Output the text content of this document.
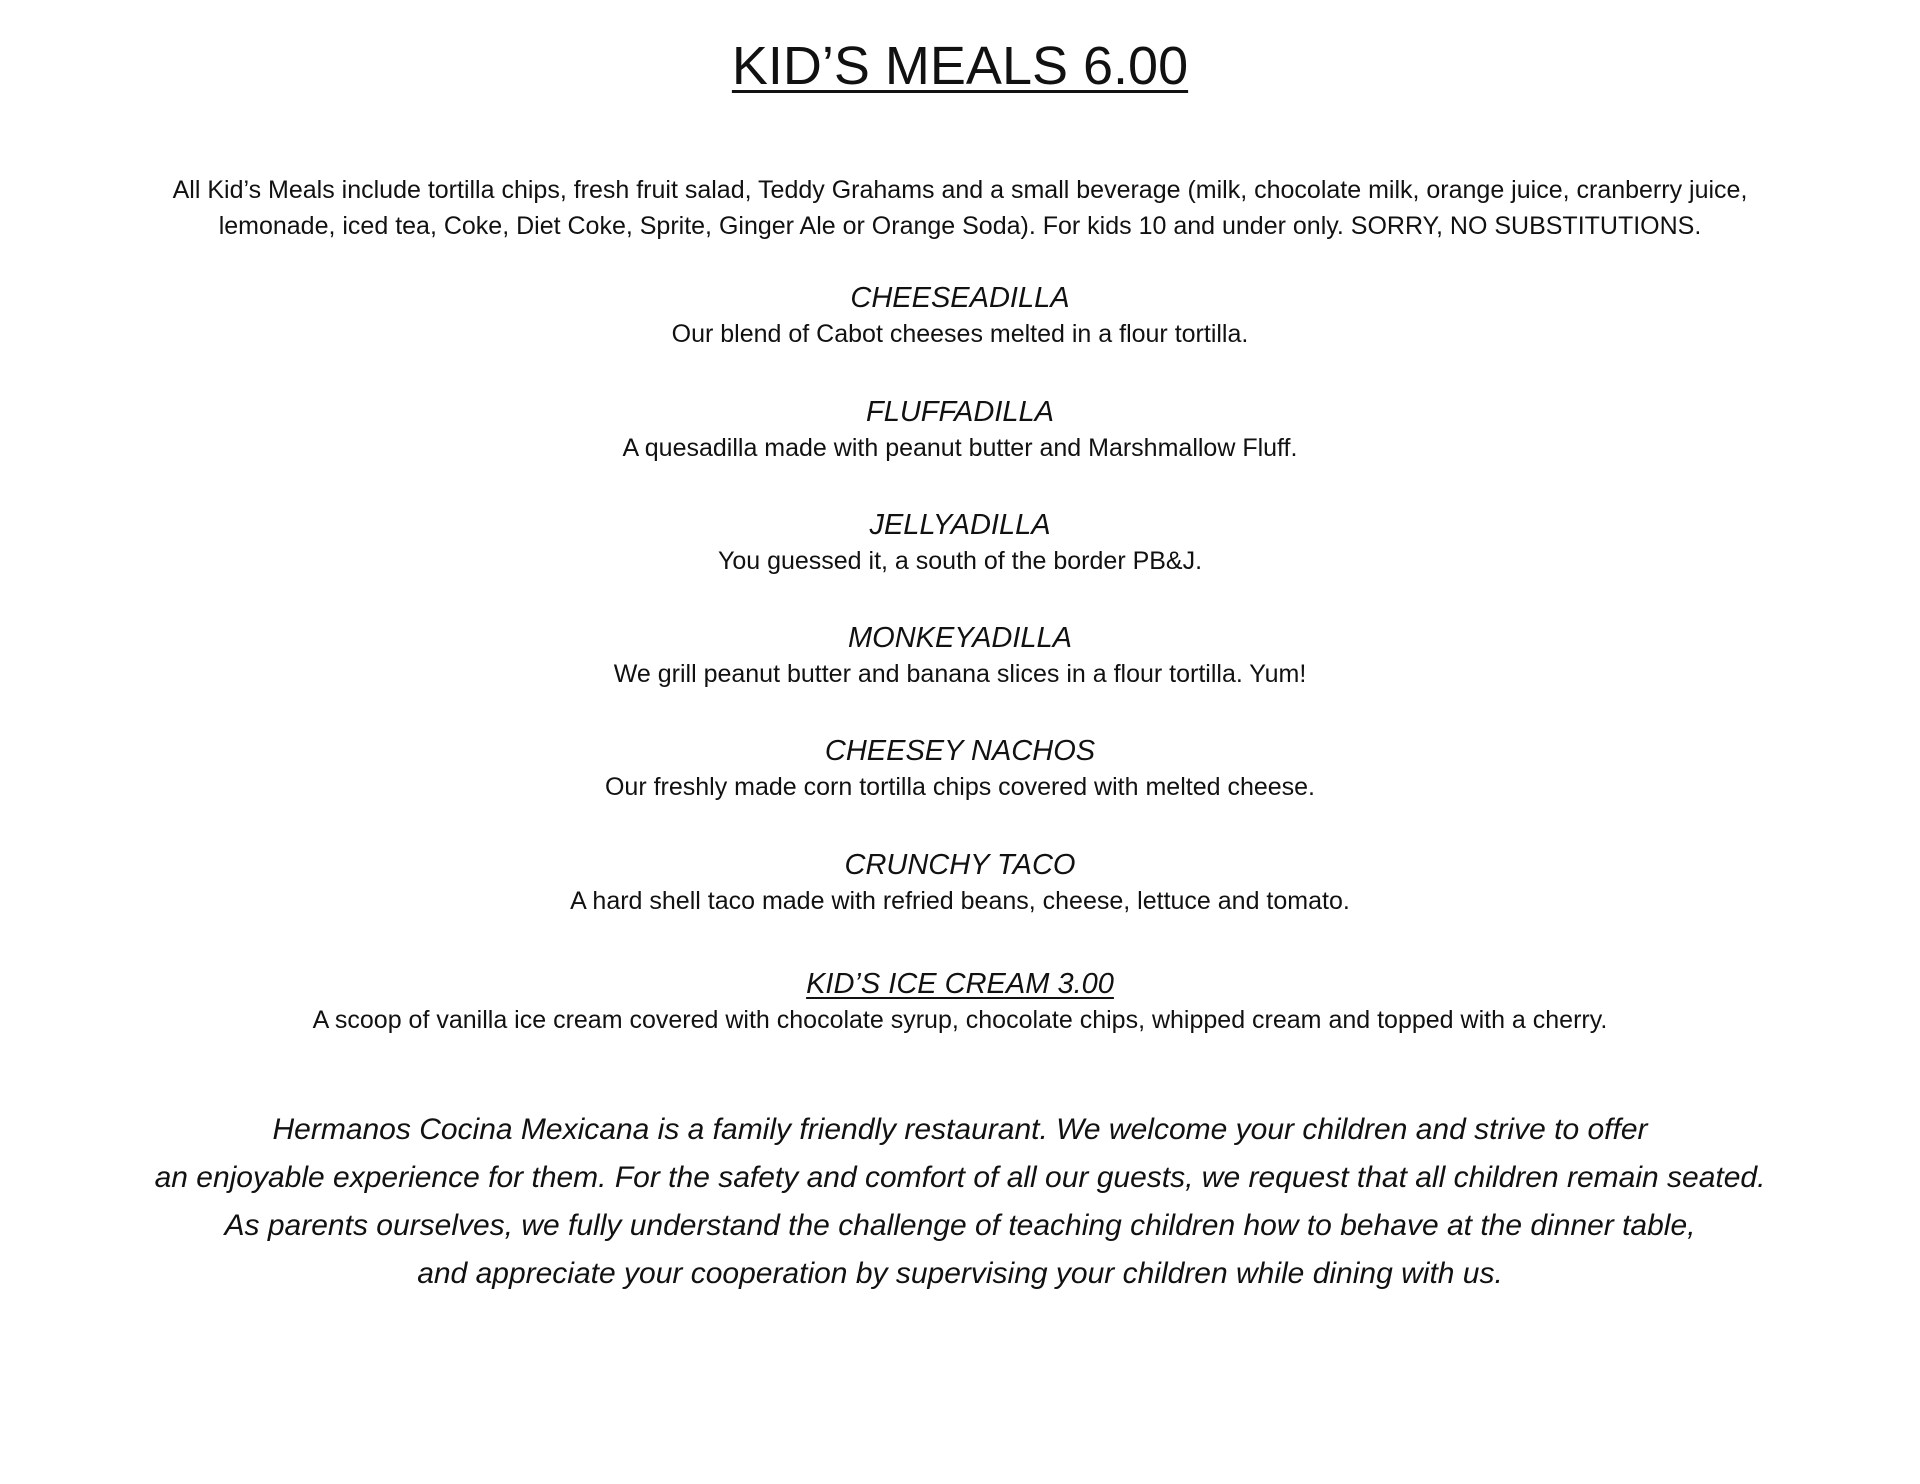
KID’S MEALS 6.00
All Kid’s Meals include tortilla chips, fresh fruit salad, Teddy Grahams and a small beverage (milk, chocolate milk, orange juice, cranberry juice,
lemonade, iced tea, Coke, Diet Coke, Sprite, Ginger Ale or Orange Soda). For kids 10 and under only. SORRY, NO SUBSTITUTIONS.
CHEESEADILLA
Our blend of Cabot cheeses melted in a flour tortilla.
FLUFFADILLA
A quesadilla made with peanut butter and Marshmallow Fluff.
JELLYADILLA
You guessed it, a south of the border PB&J.
MONKEYADILLA
We grill peanut butter and banana slices in a flour tortilla. Yum!
CHEESEY NACHOS
Our freshly made corn tortilla chips covered with melted cheese.
CRUNCHY TACO
A hard shell taco made with refried beans, cheese, lettuce and tomato.
KID’S ICE CREAM 3.00
A scoop of vanilla ice cream covered with chocolate syrup, chocolate chips, whipped cream and topped with a cherry.
Hermanos Cocina Mexicana is a family friendly restaurant. We welcome your children and strive to offer
an enjoyable experience for them. For the safety and comfort of all our guests, we request that all children remain seated.
As parents ourselves, we fully understand the challenge of teaching children how to behave at the dinner table,
and appreciate your cooperation by supervising your children while dining with us.
